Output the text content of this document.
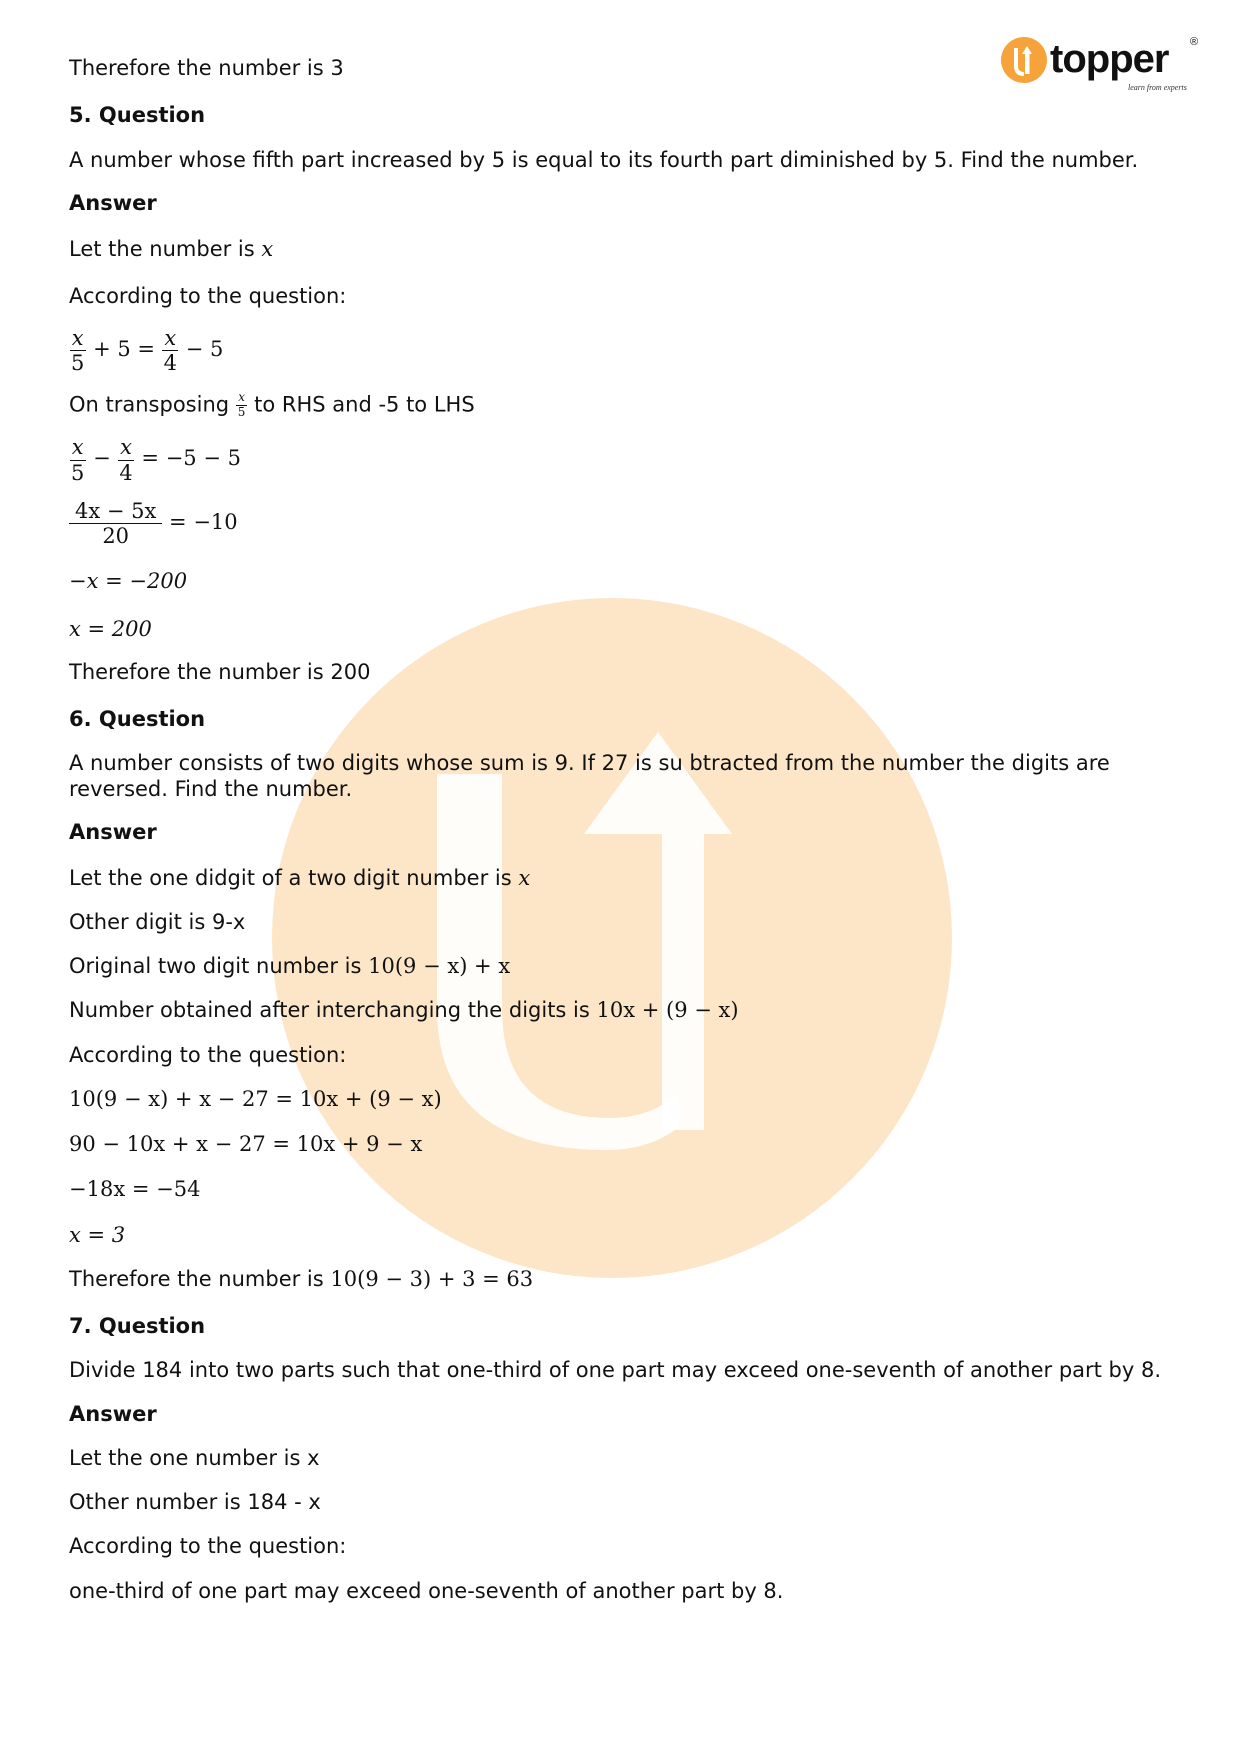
topper ®
learn from experts

Therefore the number is 3

5. Question

A number whose fifth part increased by 5 is equal to its fourth part diminished by 5. Find the number.

Answer

Let the number is x

According to the question:

$\frac{x}{5} + 5 = \frac{x}{4} - 5$

On transposing $\frac{x}{5}$ to RHS and -5 to LHS

$\frac{x}{5} - \frac{x}{4} = -5 - 5$
$\frac{4x - 5x}{20} = -10$

−x = −200

x = 200

Therefore the number is 200

6. Question

A number consists of two digits whose sum is 9. If 27 is su btracted from the number the digits are reversed. Find the number.

Answer

Let the one didgit of a two digit number is x

Other digit is 9-x

Original two digit number is 10(9 − x) + x

Number obtained after interchanging the digits is 10x + (9 − x)

According to the question:

10(9 − x) + x − 27 = 10x + (9 − x)

90 − 10x + x − 27 = 10x + 9 − x

−18x = −54

x = 3

Therefore the number is 10(9 − 3) + 3 = 63

7. Question

Divide 184 into two parts such that one-third of one part may exceed one-seventh of another part by 8.

Answer

Let the one number is x

Other number is 184 - x

According to the question:

one-third of one part may exceed one-seventh of another part by 8.
